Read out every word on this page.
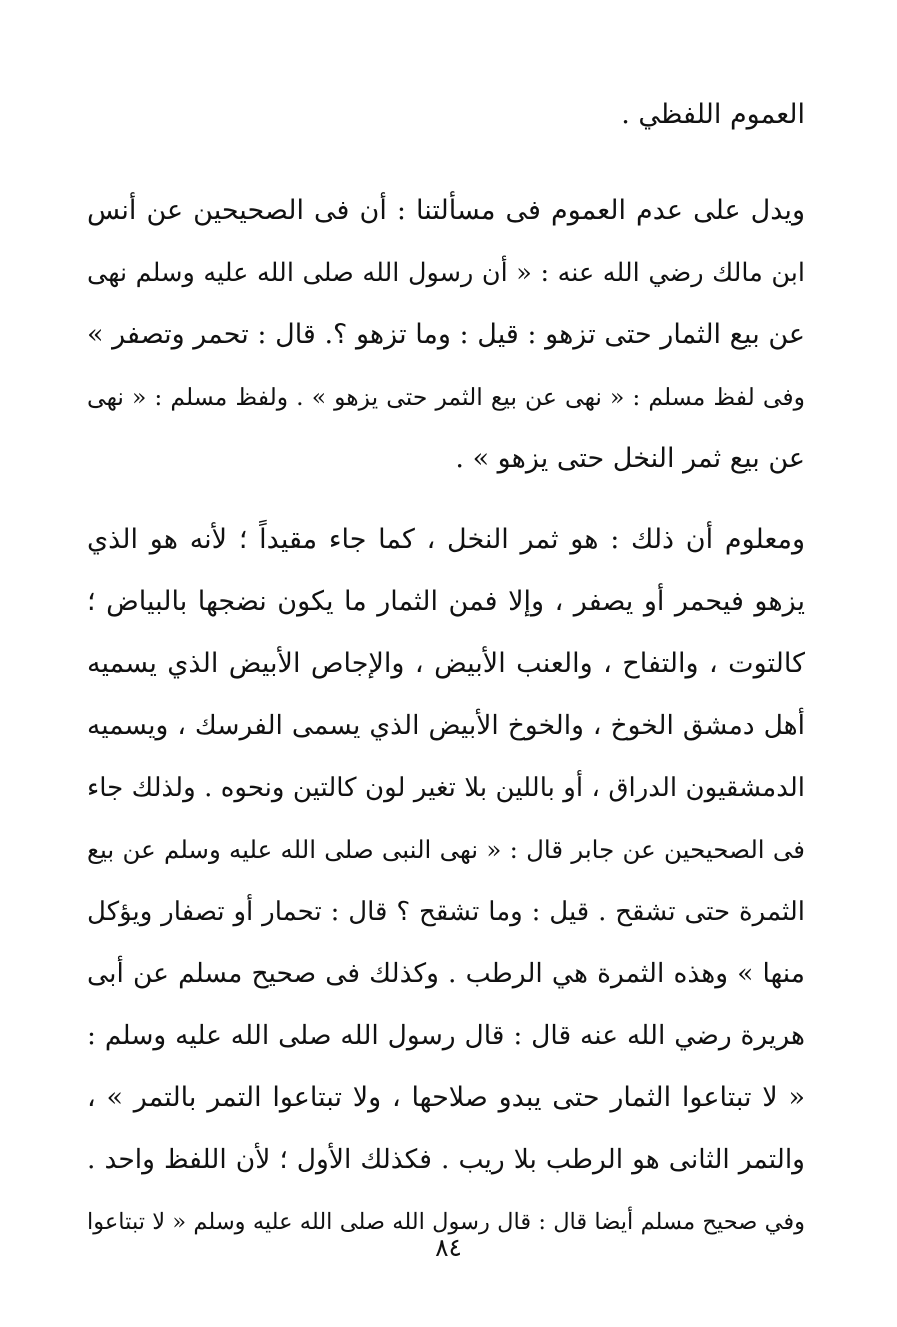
العموم اللفظي .
ويدل على عدم العموم فى مسألتنا : أن فى الصحيحين عن أنس
ابن مالك رضي الله عنه : « أن رسول الله صلى الله عليه وسلم نهى
عن بيع الثمار حتى تزهو : قيل : وما تزهو ؟. قال : تحمر وتصفر »
وفى لفظ مسلم : « نهى عن بيع الثمر حتى يزهو » . ولفظ مسلم : « نهى
عن بيع ثمر النخل حتى يزهو » .
ومعلوم أن ذلك : هو ثمر النخل ، كما جاء مقيداً ؛ لأنه هو الذي
يزهو فيحمر أو يصفر ، وإلا فمن الثمار ما يكون نضجها بالبياض ؛
كالتوت ، والتفاح ، والعنب الأبيض ، والإجاص الأبيض الذي يسميه
أهل دمشق الخوخ ، والخوخ الأبيض الذي يسمى الفرسك ، ويسميه
الدمشقيون الدراق ، أو باللين بلا تغير لون كالتين ونحوه . ولذلك جاء
فى الصحيحين عن جابر قال : « نهى النبى صلى الله عليه وسلم عن بيع
الثمرة حتى تشقح . قيل : وما تشقح ؟ قال : تحمار أو تصفار ويؤكل
منها » وهذه الثمرة هي الرطب . وكذلك فى صحيح مسلم عن أبى
هريرة رضي الله عنه قال : قال رسول الله صلى الله عليه وسلم :
« لا تبتاعوا الثمار حتى يبدو صلاحها ، ولا تبتاعوا التمر بالتمر » ،
والتمر الثانى هو الرطب بلا ريب . فكذلك الأول ؛ لأن اللفظ واحد .
وفي صحيح مسلم أيضا قال : قال رسول الله صلى الله عليه وسلم « لا تبتاعوا
٨٤
